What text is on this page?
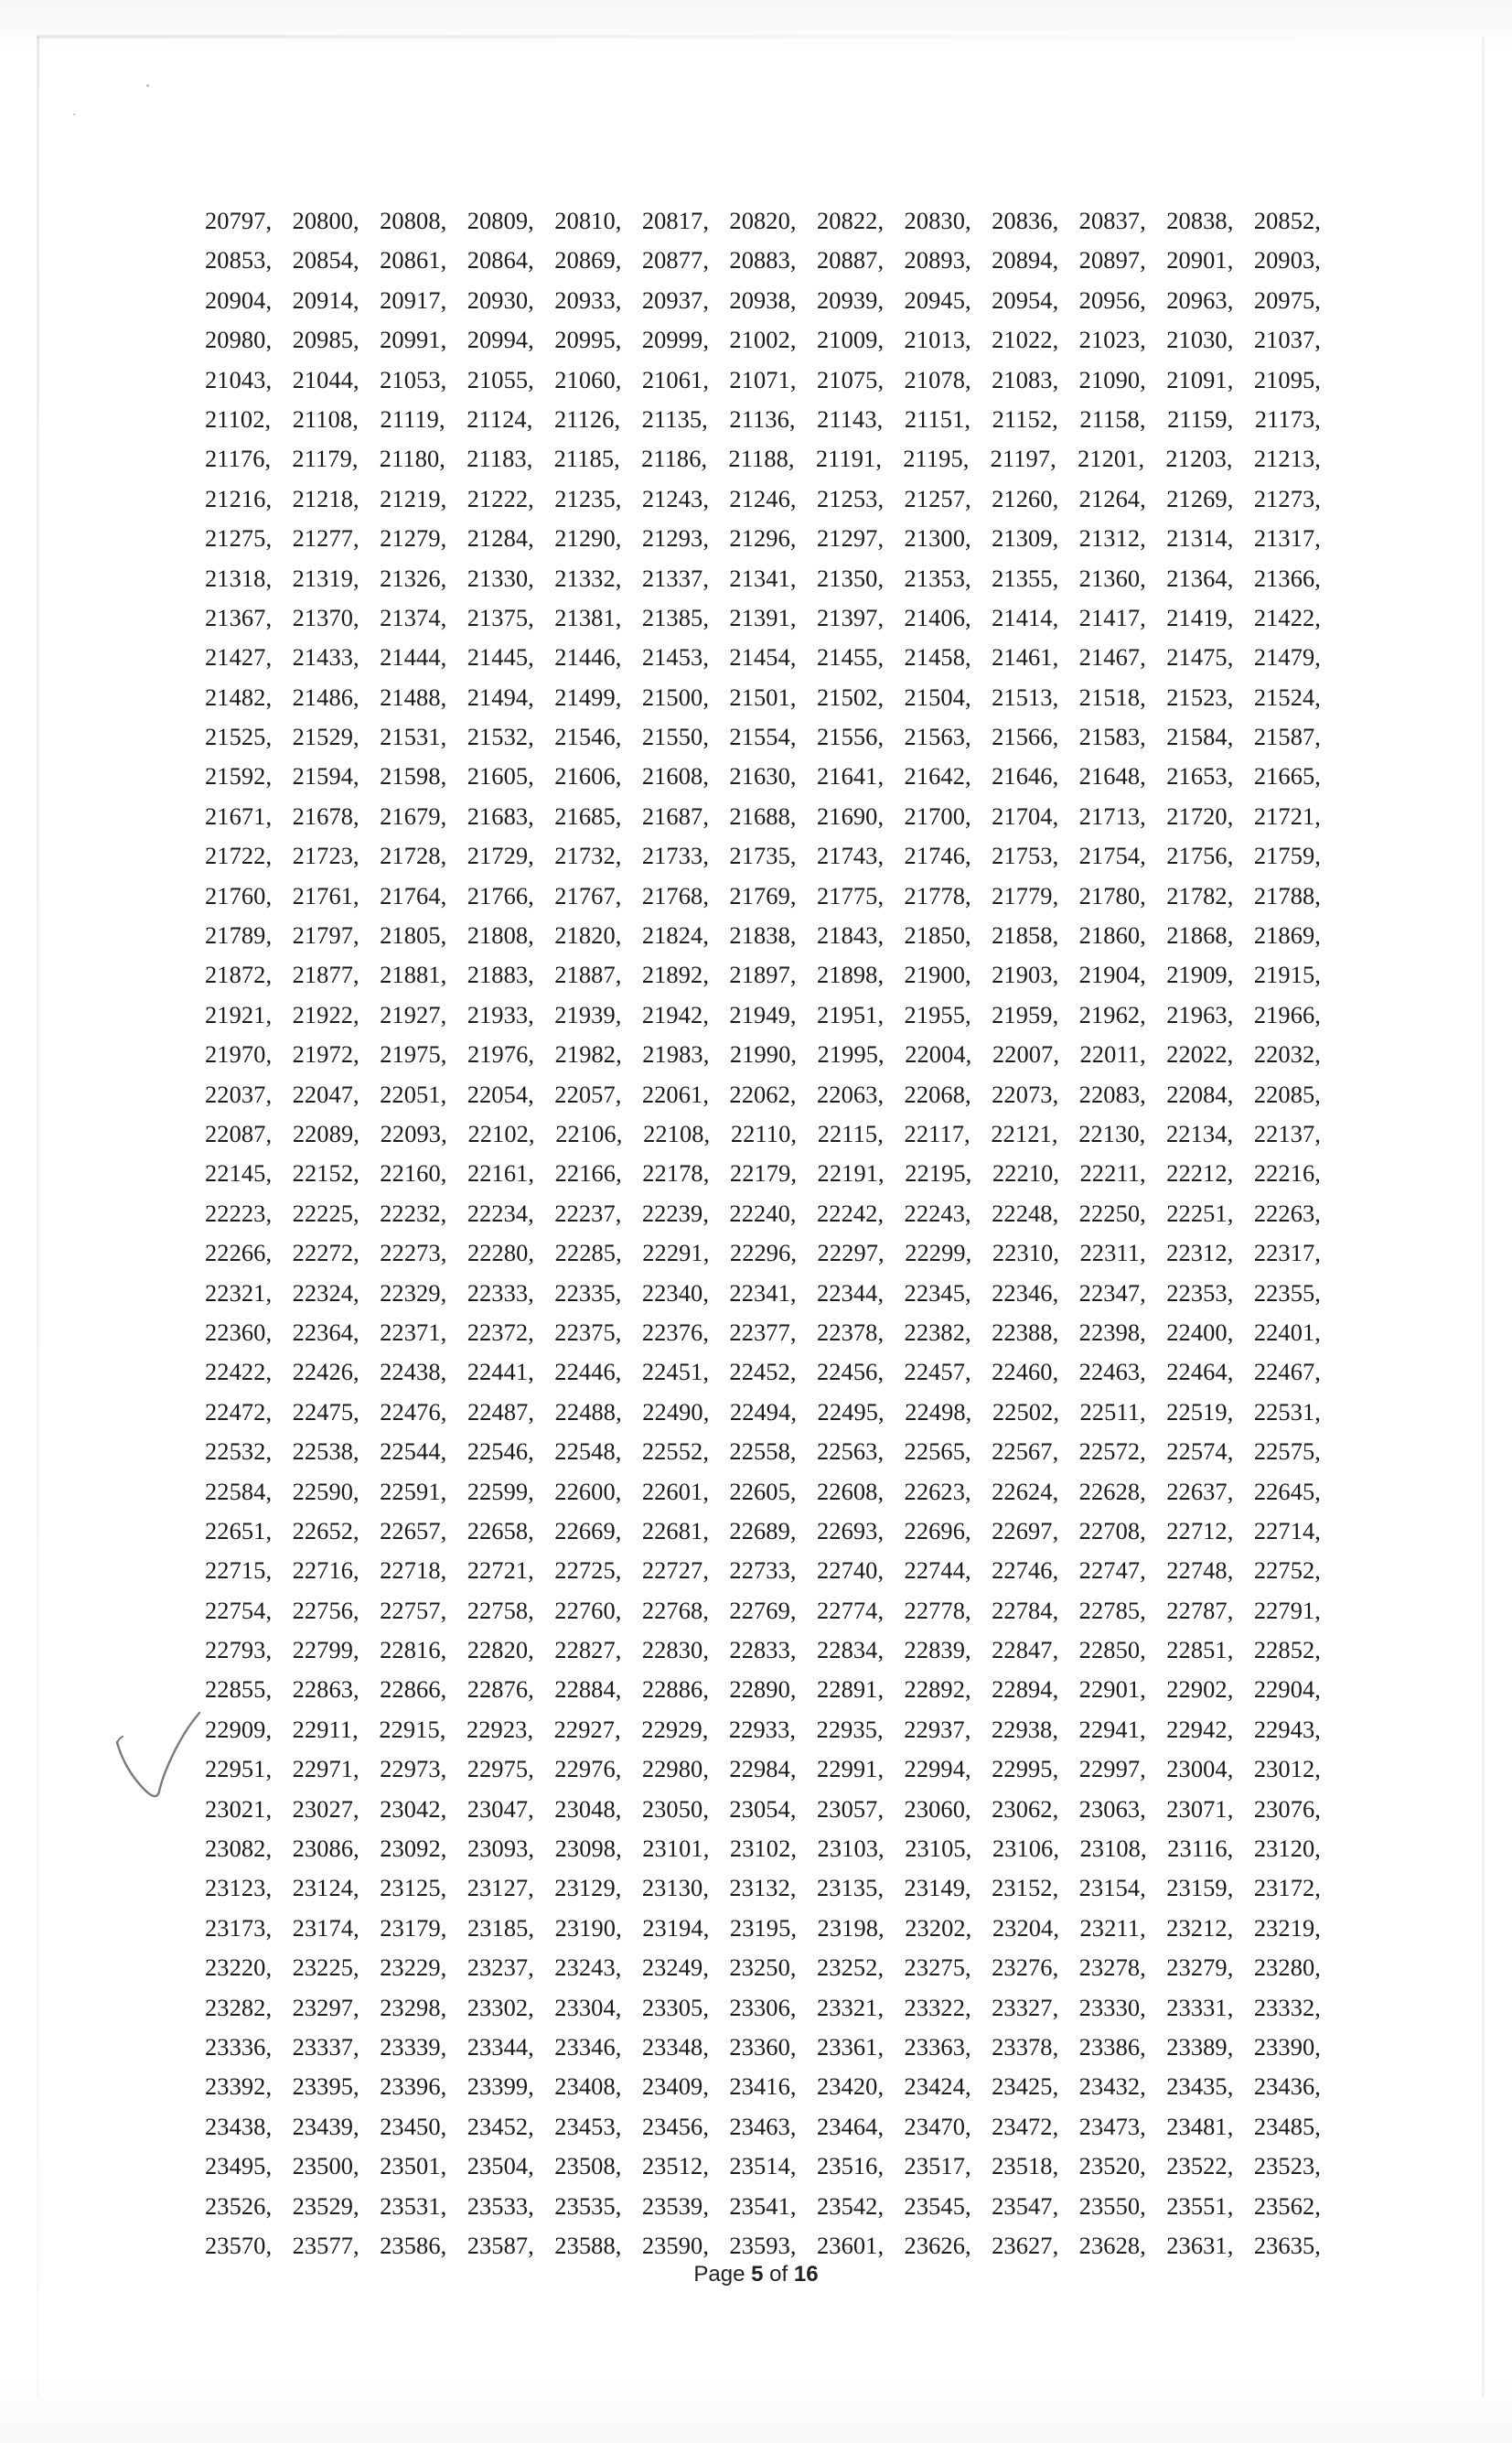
20797, 20800, 20808, 20809, 20810, 20817, 20820, 20822, 20830, 20836, 20837, 20838, 20852,
20853, 20854, 20861, 20864, 20869, 20877, 20883, 20887, 20893, 20894, 20897, 20901, 20903,
20904, 20914, 20917, 20930, 20933, 20937, 20938, 20939, 20945, 20954, 20956, 20963, 20975,
20980, 20985, 20991, 20994, 20995, 20999, 21002, 21009, 21013, 21022, 21023, 21030, 21037,
21043, 21044, 21053, 21055, 21060, 21061, 21071, 21075, 21078, 21083, 21090, 21091, 21095,
21102, 21108, 21119, 21124, 21126, 21135, 21136, 21143, 21151, 21152, 21158, 21159, 21173,
21176, 21179, 21180, 21183, 21185, 21186, 21188, 21191, 21195, 21197, 21201, 21203, 21213,
21216, 21218, 21219, 21222, 21235, 21243, 21246, 21253, 21257, 21260, 21264, 21269, 21273,
21275, 21277, 21279, 21284, 21290, 21293, 21296, 21297, 21300, 21309, 21312, 21314, 21317,
21318, 21319, 21326, 21330, 21332, 21337, 21341, 21350, 21353, 21355, 21360, 21364, 21366,
21367, 21370, 21374, 21375, 21381, 21385, 21391, 21397, 21406, 21414, 21417, 21419, 21422,
21427, 21433, 21444, 21445, 21446, 21453, 21454, 21455, 21458, 21461, 21467, 21475, 21479,
21482, 21486, 21488, 21494, 21499, 21500, 21501, 21502, 21504, 21513, 21518, 21523, 21524,
21525, 21529, 21531, 21532, 21546, 21550, 21554, 21556, 21563, 21566, 21583, 21584, 21587,
21592, 21594, 21598, 21605, 21606, 21608, 21630, 21641, 21642, 21646, 21648, 21653, 21665,
21671, 21678, 21679, 21683, 21685, 21687, 21688, 21690, 21700, 21704, 21713, 21720, 21721,
21722, 21723, 21728, 21729, 21732, 21733, 21735, 21743, 21746, 21753, 21754, 21756, 21759,
21760, 21761, 21764, 21766, 21767, 21768, 21769, 21775, 21778, 21779, 21780, 21782, 21788,
21789, 21797, 21805, 21808, 21820, 21824, 21838, 21843, 21850, 21858, 21860, 21868, 21869,
21872, 21877, 21881, 21883, 21887, 21892, 21897, 21898, 21900, 21903, 21904, 21909, 21915,
21921, 21922, 21927, 21933, 21939, 21942, 21949, 21951, 21955, 21959, 21962, 21963, 21966,
21970, 21972, 21975, 21976, 21982, 21983, 21990, 21995, 22004, 22007, 22011, 22022, 22032,
22037, 22047, 22051, 22054, 22057, 22061, 22062, 22063, 22068, 22073, 22083, 22084, 22085,
22087, 22089, 22093, 22102, 22106, 22108, 22110, 22115, 22117, 22121, 22130, 22134, 22137,
22145, 22152, 22160, 22161, 22166, 22178, 22179, 22191, 22195, 22210, 22211, 22212, 22216,
22223, 22225, 22232, 22234, 22237, 22239, 22240, 22242, 22243, 22248, 22250, 22251, 22263,
22266, 22272, 22273, 22280, 22285, 22291, 22296, 22297, 22299, 22310, 22311, 22312, 22317,
22321, 22324, 22329, 22333, 22335, 22340, 22341, 22344, 22345, 22346, 22347, 22353, 22355,
22360, 22364, 22371, 22372, 22375, 22376, 22377, 22378, 22382, 22388, 22398, 22400, 22401,
22422, 22426, 22438, 22441, 22446, 22451, 22452, 22456, 22457, 22460, 22463, 22464, 22467,
22472, 22475, 22476, 22487, 22488, 22490, 22494, 22495, 22498, 22502, 22511, 22519, 22531,
22532, 22538, 22544, 22546, 22548, 22552, 22558, 22563, 22565, 22567, 22572, 22574, 22575,
22584, 22590, 22591, 22599, 22600, 22601, 22605, 22608, 22623, 22624, 22628, 22637, 22645,
22651, 22652, 22657, 22658, 22669, 22681, 22689, 22693, 22696, 22697, 22708, 22712, 22714,
22715, 22716, 22718, 22721, 22725, 22727, 22733, 22740, 22744, 22746, 22747, 22748, 22752,
22754, 22756, 22757, 22758, 22760, 22768, 22769, 22774, 22778, 22784, 22785, 22787, 22791,
22793, 22799, 22816, 22820, 22827, 22830, 22833, 22834, 22839, 22847, 22850, 22851, 22852,
22855, 22863, 22866, 22876, 22884, 22886, 22890, 22891, 22892, 22894, 22901, 22902, 22904,
22909, 22911, 22915, 22923, 22927, 22929, 22933, 22935, 22937, 22938, 22941, 22942, 22943,
22951, 22971, 22973, 22975, 22976, 22980, 22984, 22991, 22994, 22995, 22997, 23004, 23012,
23021, 23027, 23042, 23047, 23048, 23050, 23054, 23057, 23060, 23062, 23063, 23071, 23076,
23082, 23086, 23092, 23093, 23098, 23101, 23102, 23103, 23105, 23106, 23108, 23116, 23120,
23123, 23124, 23125, 23127, 23129, 23130, 23132, 23135, 23149, 23152, 23154, 23159, 23172,
23173, 23174, 23179, 23185, 23190, 23194, 23195, 23198, 23202, 23204, 23211, 23212, 23219,
23220, 23225, 23229, 23237, 23243, 23249, 23250, 23252, 23275, 23276, 23278, 23279, 23280,
23282, 23297, 23298, 23302, 23304, 23305, 23306, 23321, 23322, 23327, 23330, 23331, 23332,
23336, 23337, 23339, 23344, 23346, 23348, 23360, 23361, 23363, 23378, 23386, 23389, 23390,
23392, 23395, 23396, 23399, 23408, 23409, 23416, 23420, 23424, 23425, 23432, 23435, 23436,
23438, 23439, 23450, 23452, 23453, 23456, 23463, 23464, 23470, 23472, 23473, 23481, 23485,
23495, 23500, 23501, 23504, 23508, 23512, 23514, 23516, 23517, 23518, 23520, 23522, 23523,
23526, 23529, 23531, 23533, 23535, 23539, 23541, 23542, 23545, 23547, 23550, 23551, 23562,
23570, 23577, 23586, 23587, 23588, 23590, 23593, 23601, 23626, 23627, 23628, 23631, 23635,
Page 5 of 16
